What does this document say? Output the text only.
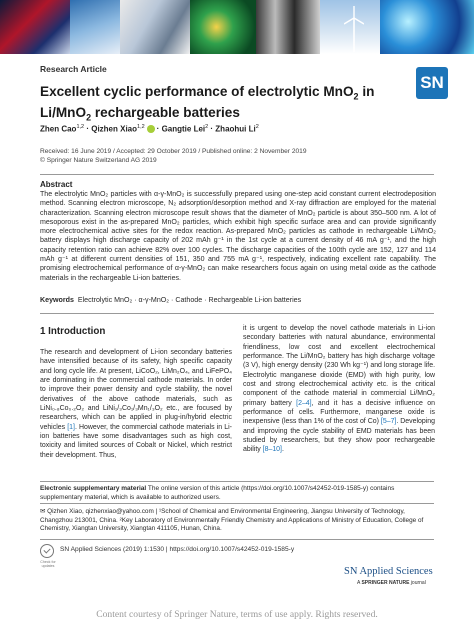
Research Article
SN
Excellent cyclic performance of electrolytic MnO$_2$ in Li/MnO$_2$ rechargeable batteries
Zhen Cao$^{1,2}$ · Qizhen Xiao$^{1,2}$ · Gangtie Lei$^2$ · Zhaohui Li$^2$
Received: 16 June 2019 / Accepted: 29 October 2019 / Published online: 2 November 2019
© Springer Nature Switzerland AG 2019
Abstract
The electrolytic MnO₂ particles with α-γ-MnO₂ is successfully prepared using one-step acid constant current electrodeposition method. Scanning electron microscope, N₂ adsorption/desorption method and X-ray diffraction are employed for the material characterization. Scanning electron microscope result shows that the diameter of MnO₂ particle is about 350–500 nm. A lot of mesoporous exist in the as-prepared MnO₂ particles, which exhibit high specific surface area and can provide significantly more electrochemical active sites for the redox reaction. As-prepared MnO₂ particles as cathode in rechargeable Li/MnO₂ battery displays high discharge capacity of 202 mAh g⁻¹ in the 1st cycle at a current density of 46 mA g⁻¹, and the high capacity retention ratio can achieve 82% over 100 cycles. The discharge capacities of the 100th cycle are 152, 127 and 114 mAh g⁻¹ at different current densities of 151, 350 and 755 mA g⁻¹, respectively, indicating excellent rate capability. The promising electrochemical performance of α-γ-MnO₂ can make researchers focus again on using metal oxide as the cathode materials in the rechargeable Li-ion batteries.
Keywords Electrolytic MnO₂ · α-γ-MnO₂ · Cathode · Rechargeable Li-ion batteries
1 Introduction
The research and development of Li-ion secondary batteries have intensified because of its safety, high specific capacity and long cycle life. At present, LiCoO₂, LiMn₂O₄, and LiFePO₄ are dominating in the commercial cathode materials. In order to improve their power density and cycle stability, the novel derivatives of the above cathode materials, such as LiNi₀.₈Co₀.₂O₂ and LiNi₁/₃Co₁/₃Mn₁/₃O₂ etc., are focused by researchers, which can be applied in plug-in/hybrid electric vehicles [1]. However, the commercial cathode materials in Li-ion batteries have some disadvantages such as high cost, toxicity and limited sources of Cobalt or Nickel, which restrict their development. Thus,
it is urgent to develop the novel cathode materials in Li-ion secondary batteries with natural abundance, environmental friendliness, low cost and excellent electrochemical performance. The Li/MnO₂ battery has high discharge voltage (3 V), high energy density (230 Wh kg⁻¹) and long storage life. Electrolytic manganese dioxide (EMD) with high purity, low cost and strong electrochemical activity etc. is the critical component of the cathode material in commercial Li/MnO₂ primary battery [2–4], and it has a decisive influence on performance of cells. Furthermore, manganese oxide is inexpensive (less than 1% of the cost of Co) [5–7]. Developing and improving the cycle stability of EMD materials has been studied by researchers, but they show poor rechargeable ability [8–10].
Electronic supplementary material The online version of this article (https://doi.org/10.1007/s42452-019-1585-y) contains supplementary material, which is available to authorized users.
✉ Qizhen Xiao, qizhenxiao@yahoo.com | ¹School of Chemical and Environmental Engineering, Jiangsu University of Technology, Changzhou 213001, China. ²Key Laboratory of Environmentally Friendly Chemistry and Applications of Ministry of Education, College of Chemistry, Xiangtan University, Xiangtan 411105, Hunan, China.
Check for updates
SN Applied Sciences (2019) 1:1530 | https://doi.org/10.1007/s42452-019-1585-y
SN Applied Sciences
A SPRINGER NATURE journal
Content courtesy of Springer Nature, terms of use apply. Rights reserved.
